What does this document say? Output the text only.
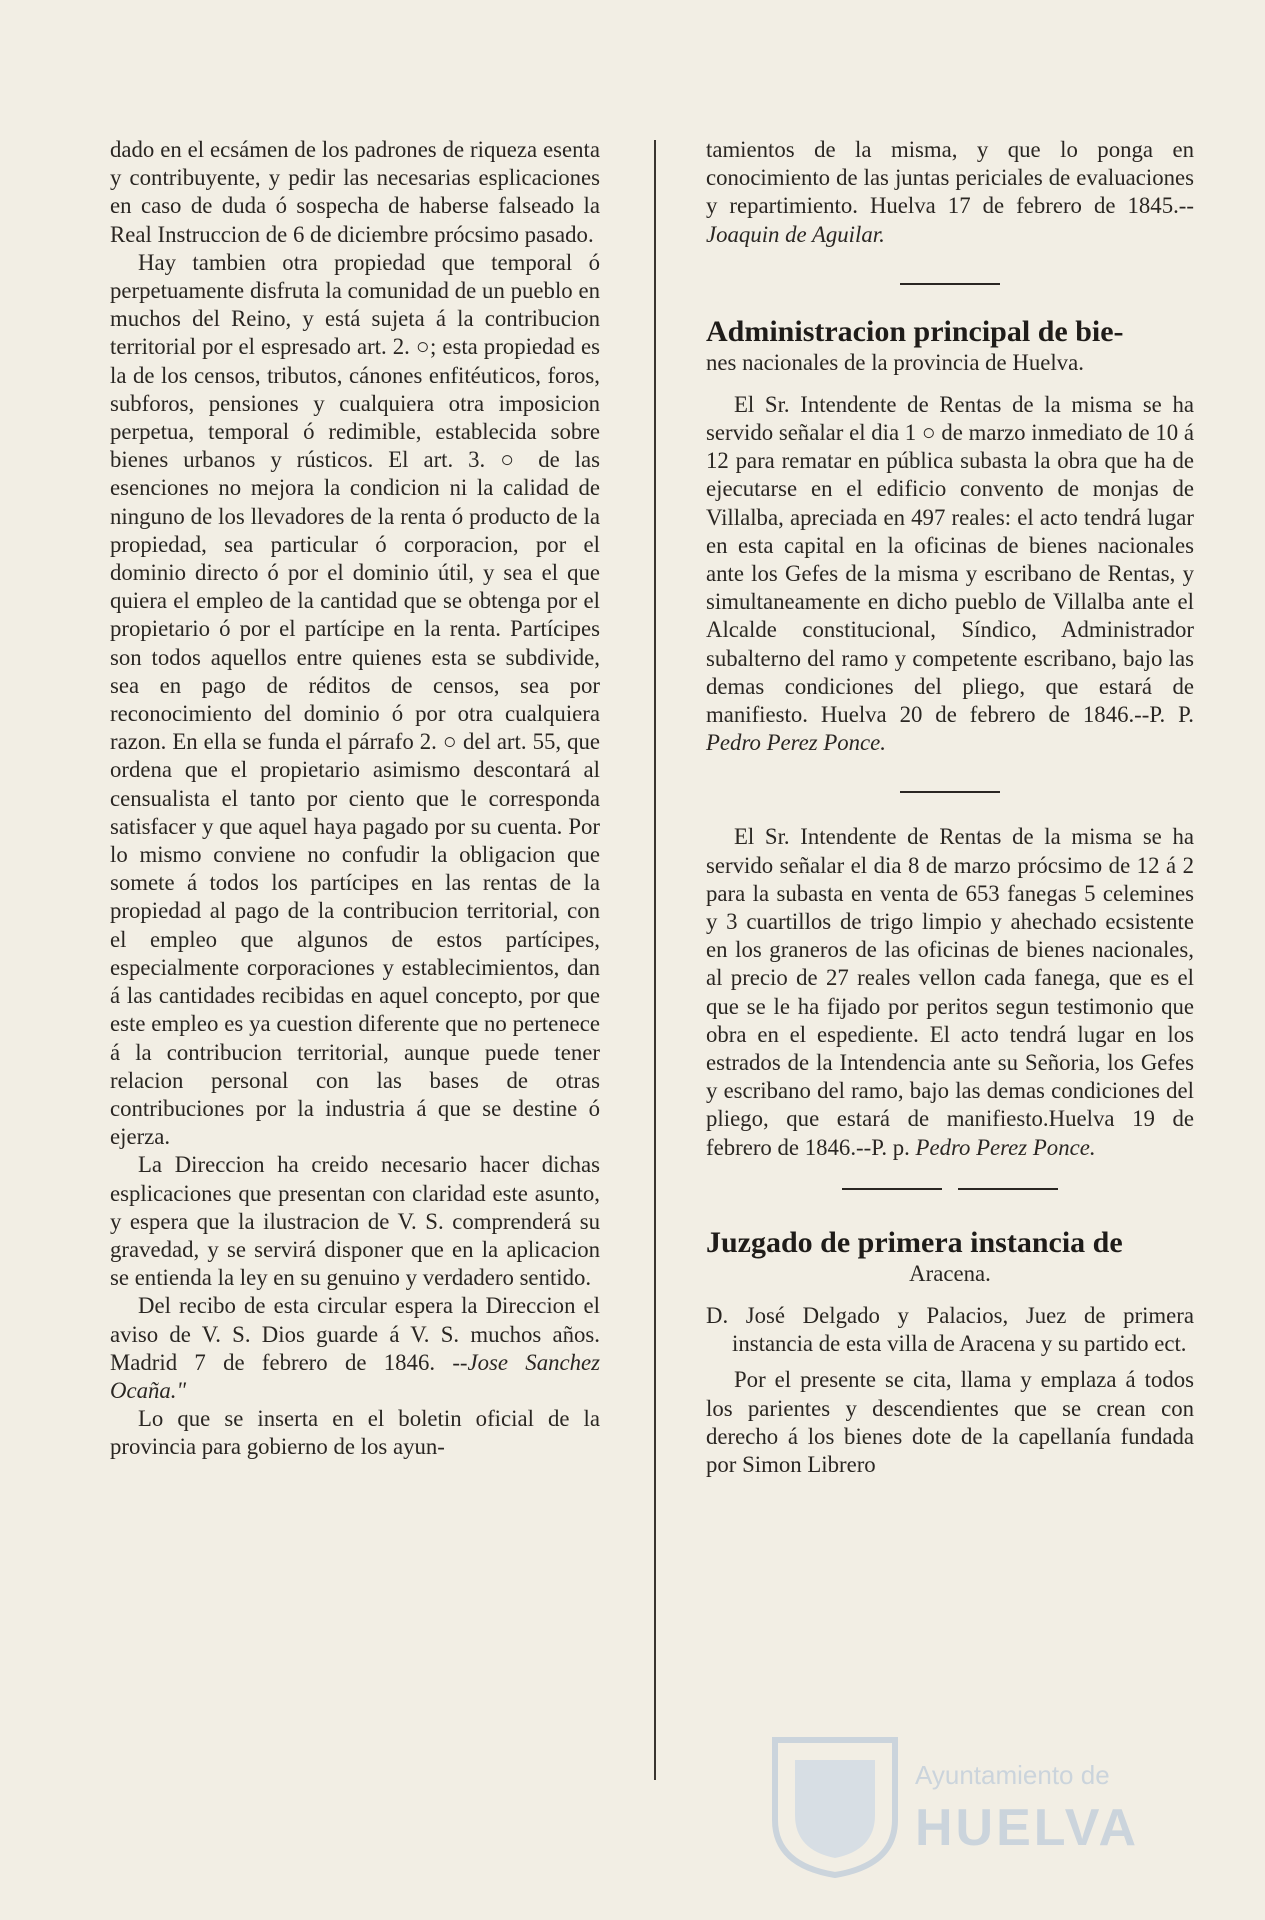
dado en el ecsámen de los padrones de riqueza esenta y contribuyente, y pedir las necesarias esplicaciones en caso de duda ó sospecha de haberse falseado la Real Instruccion de 6 de diciembre prócsimo pasado.

Hay tambien otra propiedad que temporal ó perpetuamente disfruta la comunidad de un pueblo en muchos del Reino, y está sujeta á la contribucion territorial por el espresado art. 2. ○; esta propiedad es la de los censos, tributos, cánones enfitéuticos, foros, subforos, pensiones y cualquiera otra imposicion perpetua, temporal ó redimible, establecida sobre bienes urbanos y rústicos. El art. 3. ○ de las esenciones no mejora la condicion ni la calidad de ninguno de los llevadores de la renta ó producto de la propiedad, sea particular ó corporacion, por el dominio directo ó por el dominio útil, y sea el que quiera el empleo de la cantidad que se obtenga por el propietario ó por el partícipe en la renta. Partícipes son todos aquellos entre quienes esta se subdivide, sea en pago de réditos de censos, sea por reconocimiento del dominio ó por otra cualquiera razon. En ella se funda el párrafo 2. ○ del art. 55, que ordena que el propietario asimismo descontará al censualista el tanto por ciento que le corresponda satisfacer y que aquel haya pagado por su cuenta. Por lo mismo conviene no confudir la obligacion que somete á todos los partícipes en las rentas de la propiedad al pago de la contribucion territorial, con el empleo que algunos de estos partícipes, especialmente corporaciones y establecimientos, dan á las cantidades recibidas en aquel concepto, por que este empleo es ya cuestion diferente que no pertenece á la contribucion territorial, aunque puede tener relacion personal con las bases de otras contribuciones por la industria á que se destine ó ejerza.

La Direccion ha creido necesario hacer dichas esplicaciones que presentan con claridad este asunto, y espera que la ilustracion de V. S. comprenderá su gravedad, y se servirá disponer que en la aplicacion se entienda la ley en su genuino y verdadero sentido.

Del recibo de esta circular espera la Direccion el aviso de V. S. Dios guarde á V. S. muchos años. Madrid 7 de febrero de 1846. --Jose Sanchez Ocaña."

Lo que se inserta en el boletin oficial de la provincia para gobierno de los ayun-

tamientos de la misma, y que lo ponga en conocimiento de las juntas periciales de evaluaciones y repartimiento. Huelva 17 de febrero de 1845.--Joaquin de Aguilar.

Administracion principal de bie-

nes nacionales de la provincia de Huelva.

El Sr. Intendente de Rentas de la misma se ha servido señalar el dia 1 ○ de marzo inmediato de 10 á 12 para rematar en pública subasta la obra que ha de ejecutarse en el edificio convento de monjas de Villalba, apreciada en 497 reales: el acto tendrá lugar en esta capital en la oficinas de bienes nacionales ante los Gefes de la misma y escribano de Rentas, y simultaneamente en dicho pueblo de Villalba ante el Alcalde constitucional, Síndico, Administrador subalterno del ramo y competente escribano, bajo las demas condiciones del pliego, que estará de manifiesto. Huelva 20 de febrero de 1846.--P. P. Pedro Perez Ponce.

El Sr. Intendente de Rentas de la misma se ha servido señalar el dia 8 de marzo prócsimo de 12 á 2 para la subasta en venta de 653 fanegas 5 celemines y 3 cuartillos de trigo limpio y ahechado ecsistente en los graneros de las oficinas de bienes nacionales, al precio de 27 reales vellon cada fanega, que es el que se le ha fijado por peritos segun testimonio que obra en el espediente. El acto tendrá lugar en los estrados de la Intendencia ante su Señoria, los Gefes y escribano del ramo, bajo las demas condiciones del pliego, que estará de manifiesto.Huelva 19 de febrero de 1846.--P. p. Pedro Perez Ponce.

Juzgado de primera instancia de

Aracena.

D. José Delgado y Palacios, Juez de primera instancia de esta villa de Aracena y su partido ect.

Por el presente se cita, llama y emplaza á todos los parientes y descendientes que se crean con derecho á los bienes dote de la capellanía fundada por Simon Librero

Ayuntamiento de
HUELVA
